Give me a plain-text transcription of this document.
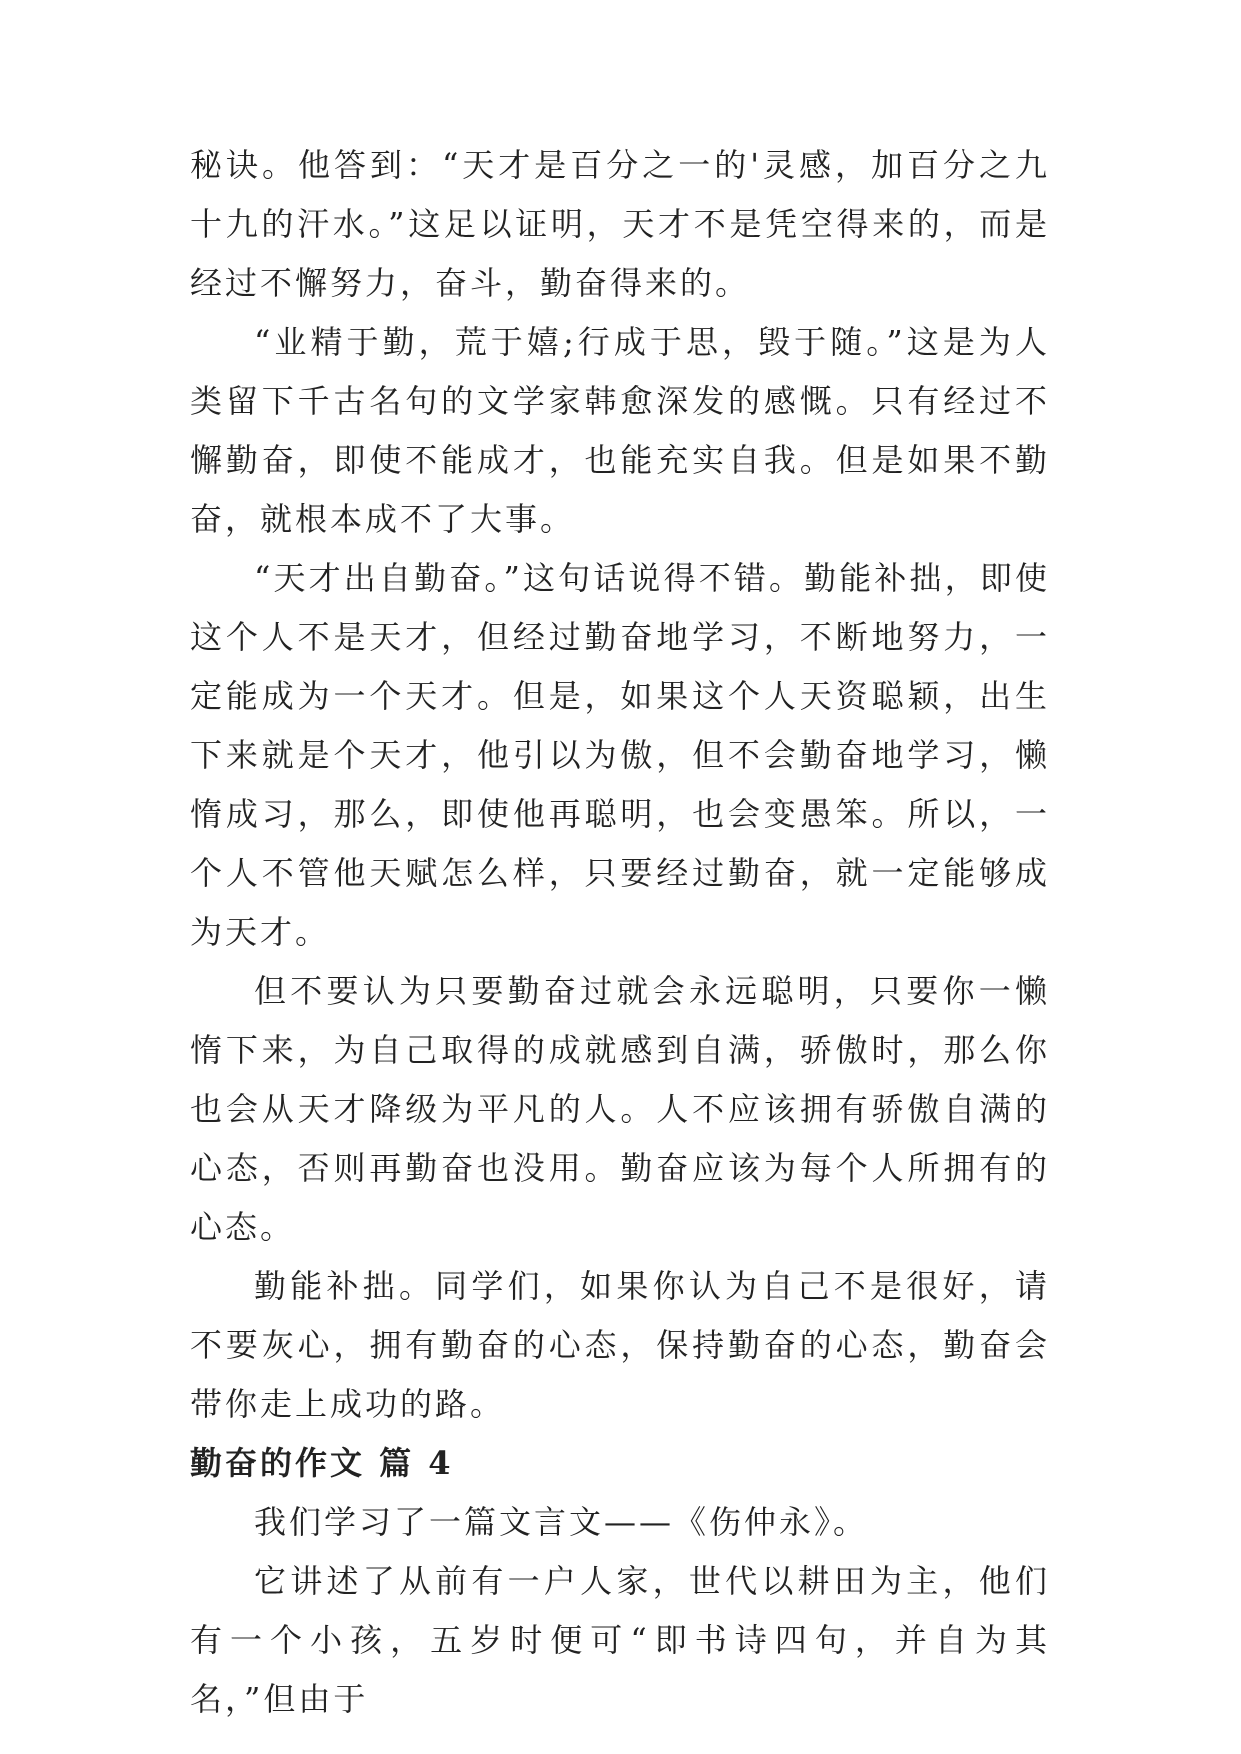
秘诀。他答到：“天才是百分之一的'灵感，加百分之九十九的汗水。”这足以证明，天才不是凭空得来的，而是经过不懈努力，奋斗，勤奋得来的。

“业精于勤，荒于嬉;行成于思，毁于随。”这是为人类留下千古名句的文学家韩愈深发的感慨。只有经过不懈勤奋，即使不能成才，也能充实自我。但是如果不勤奋，就根本成不了大事。

“天才出自勤奋。”这句话说得不错。勤能补拙，即使这个人不是天才，但经过勤奋地学习，不断地努力，一定能成为一个天才。但是，如果这个人天资聪颖，出生下来就是个天才，他引以为傲，但不会勤奋地学习，懒惰成习，那么，即使他再聪明，也会变愚笨。所以，一个人不管他天赋怎么样，只要经过勤奋，就一定能够成为天才。

但不要认为只要勤奋过就会永远聪明，只要你一懒惰下来，为自己取得的成就感到自满，骄傲时，那么你也会从天才降级为平凡的人。人不应该拥有骄傲自满的心态，否则再勤奋也没用。勤奋应该为每个人所拥有的心态。

勤能补拙。同学们，如果你认为自己不是很好，请不要灰心，拥有勤奋的心态，保持勤奋的心态，勤奋会带你走上成功的路。

勤奋的作文 篇 4

我们学习了一篇文言文——《伤仲永》。

它讲述了从前有一户人家，世代以耕田为主，他们有一个小孩，五岁时便可“即书诗四句，并自为其名，”但由于
